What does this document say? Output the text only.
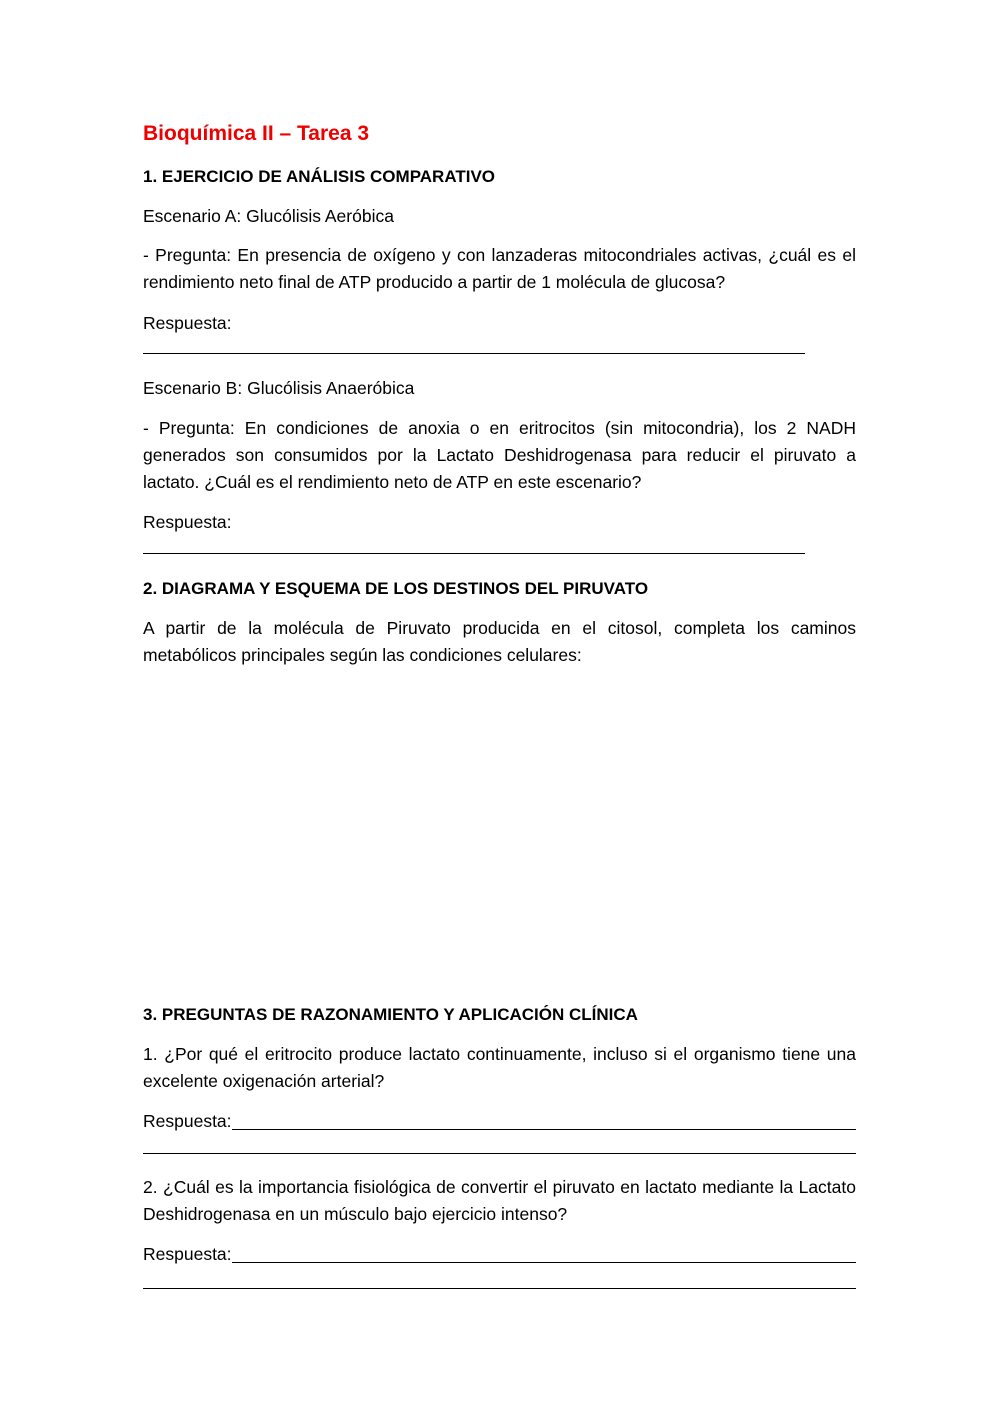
Bioquímica II – Tarea 3
1. EJERCICIO DE ANÁLISIS COMPARATIVO

Escenario A: Glucólisis Aeróbica

- Pregunta: En presencia de oxígeno y con lanzaderas mitocondriales activas, ¿cuál es el rendimiento neto final de ATP producido a partir de 1 molécula de glucosa?

Respuesta:

Escenario B: Glucólisis Anaeróbica

- Pregunta: En condiciones de anoxia o en eritrocitos (sin mitocondria), los 2 NADH generados son consumidos por la Lactato Deshidrogenasa para reducir el piruvato a lactato. ¿Cuál es el rendimiento neto de ATP en este escenario?

Respuesta:

2. DIAGRAMA Y ESQUEMA DE LOS DESTINOS DEL PIRUVATO

A partir de la molécula de Piruvato producida en el citosol, completa los caminos metabólicos principales según las condiciones celulares:

3. PREGUNTAS DE RAZONAMIENTO Y APLICACIÓN CLÍNICA

1. ¿Por qué el eritrocito produce lactato continuamente, incluso si el organismo tiene una excelente oxigenación arterial?

Respuesta:

2. ¿Cuál es la importancia fisiológica de convertir el piruvato en lactato mediante la Lactato Deshidrogenasa en un músculo bajo ejercicio intenso?

Respuesta:
